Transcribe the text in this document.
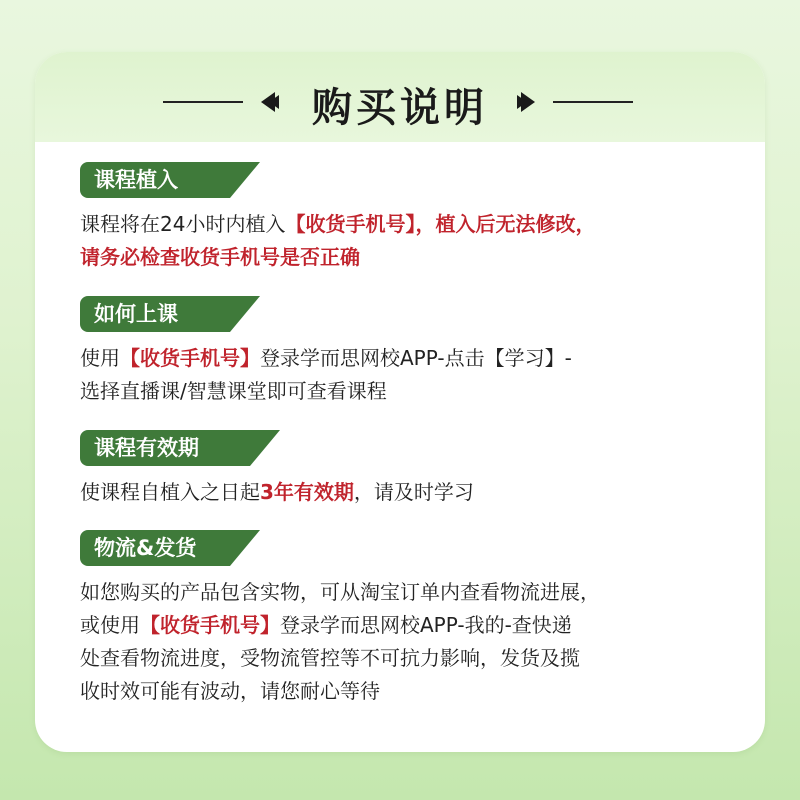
购买说明
课程植入
课程将在24小时内植入【收货手机号】，植入后无法修改，
请务必检查收货手机号是否正确
如何上课
使用【收货手机号】登录学而思网校APP-点击【学习】-
选择直播课/智慧课堂即可查看课程
课程有效期
使课程自植入之日起3年有效期，请及时学习
物流&发货
如您购买的产品包含实物，可从淘宝订单内查看物流进展，
或使用【收货手机号】登录学而思网校APP-我的-查快递
处查看物流进度，受物流管控等不可抗力影响，发货及揽
收时效可能有波动，请您耐心等待
